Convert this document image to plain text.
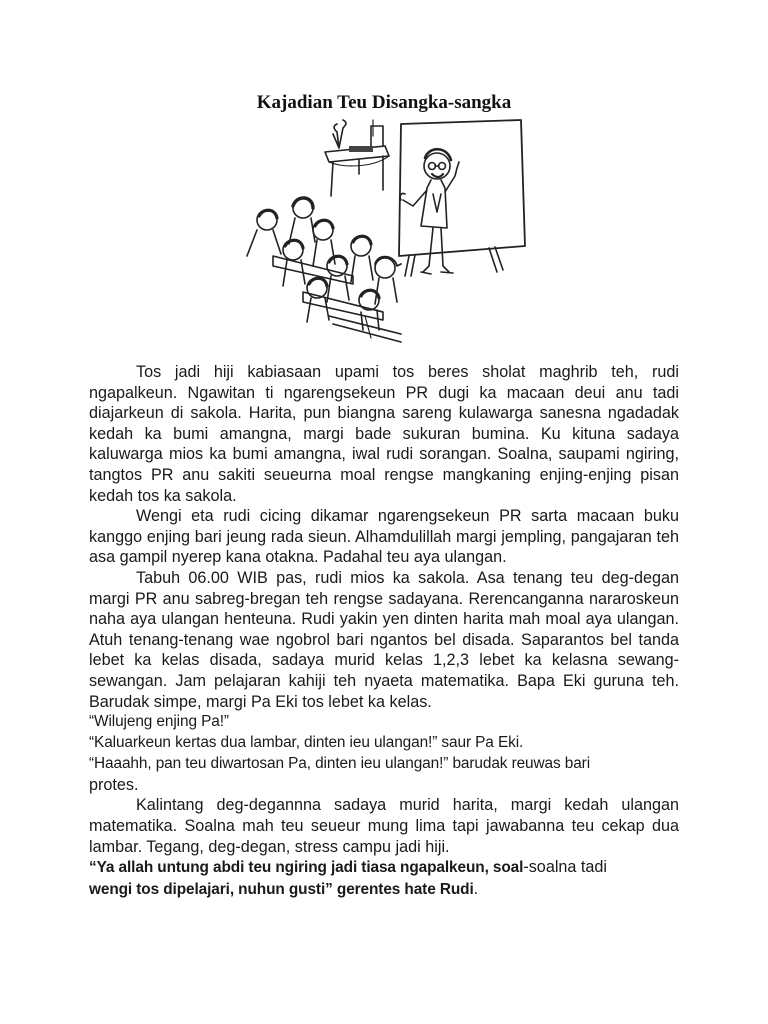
Kajadian Teu Disangka-sangka

Tos jadi hiji kabiasaan upami tos beres sholat maghrib teh, rudi ngapalkeun. Ngawitan ti ngarengsekeun PR dugi ka macaan deui anu tadi diajarkeun di sakola. Harita, pun biangna sareng kulawarga sanesna ngadadak kedah ka bumi amangna, margi bade sukuran bumina. Ku kituna sadaya kaluwarga mios ka bumi amangna, iwal rudi sorangan. Soalna, saupami ngiring, tangtos PR anu sakiti seueurna moal rengse mangkaning enjing-enjing pisan kedah tos ka sakola.

Wengi eta rudi cicing dikamar ngarengsekeun PR sarta macaan buku kanggo enjing bari jeung rada sieun. Alhamdulillah margi jempling, pangajaran teh asa gampil nyerep kana otakna. Padahal teu aya ulangan.

Tabuh 06.00 WIB pas, rudi mios ka sakola. Asa tenang teu deg-degan margi PR anu sabreg-bregan teh rengse sadayana. Rerencanganna nararoskeun naha aya ulangan henteuna. Rudi yakin yen dinten harita mah moal aya ulangan. Atuh tenang-tenang wae ngobrol bari ngantos bel disada. Saparantos bel tanda lebet ka kelas disada, sadaya murid kelas 1,2,3 lebet ka kelasna sewang-sewangan. Jam pelajaran kahiji teh nyaeta matematika. Bapa Eki guruna teh. Barudak simpe, margi Pa Eki tos lebet ka kelas.

“Wilujeng enjing Pa!”

“Kaluarkeun kertas dua lambar, dinten ieu ulangan!” saur Pa Eki.

“Haaahh, pan teu diwartosan Pa, dinten ieu ulangan!” barudak reuwas bari
protes.

Kalintang deg-degannna sadaya murid harita, margi kedah ulangan matematika. Soalna mah teu seueur mung lima tapi jawabanna teu cekap dua lambar. Tegang, deg-degan, stress campu jadi hiji.

“Ya allah untung abdi teu ngiring jadi tiasa ngapalkeun, soal-soalna tadi
wengi tos dipelajari, nuhun gusti” gerentes hate Rudi.
